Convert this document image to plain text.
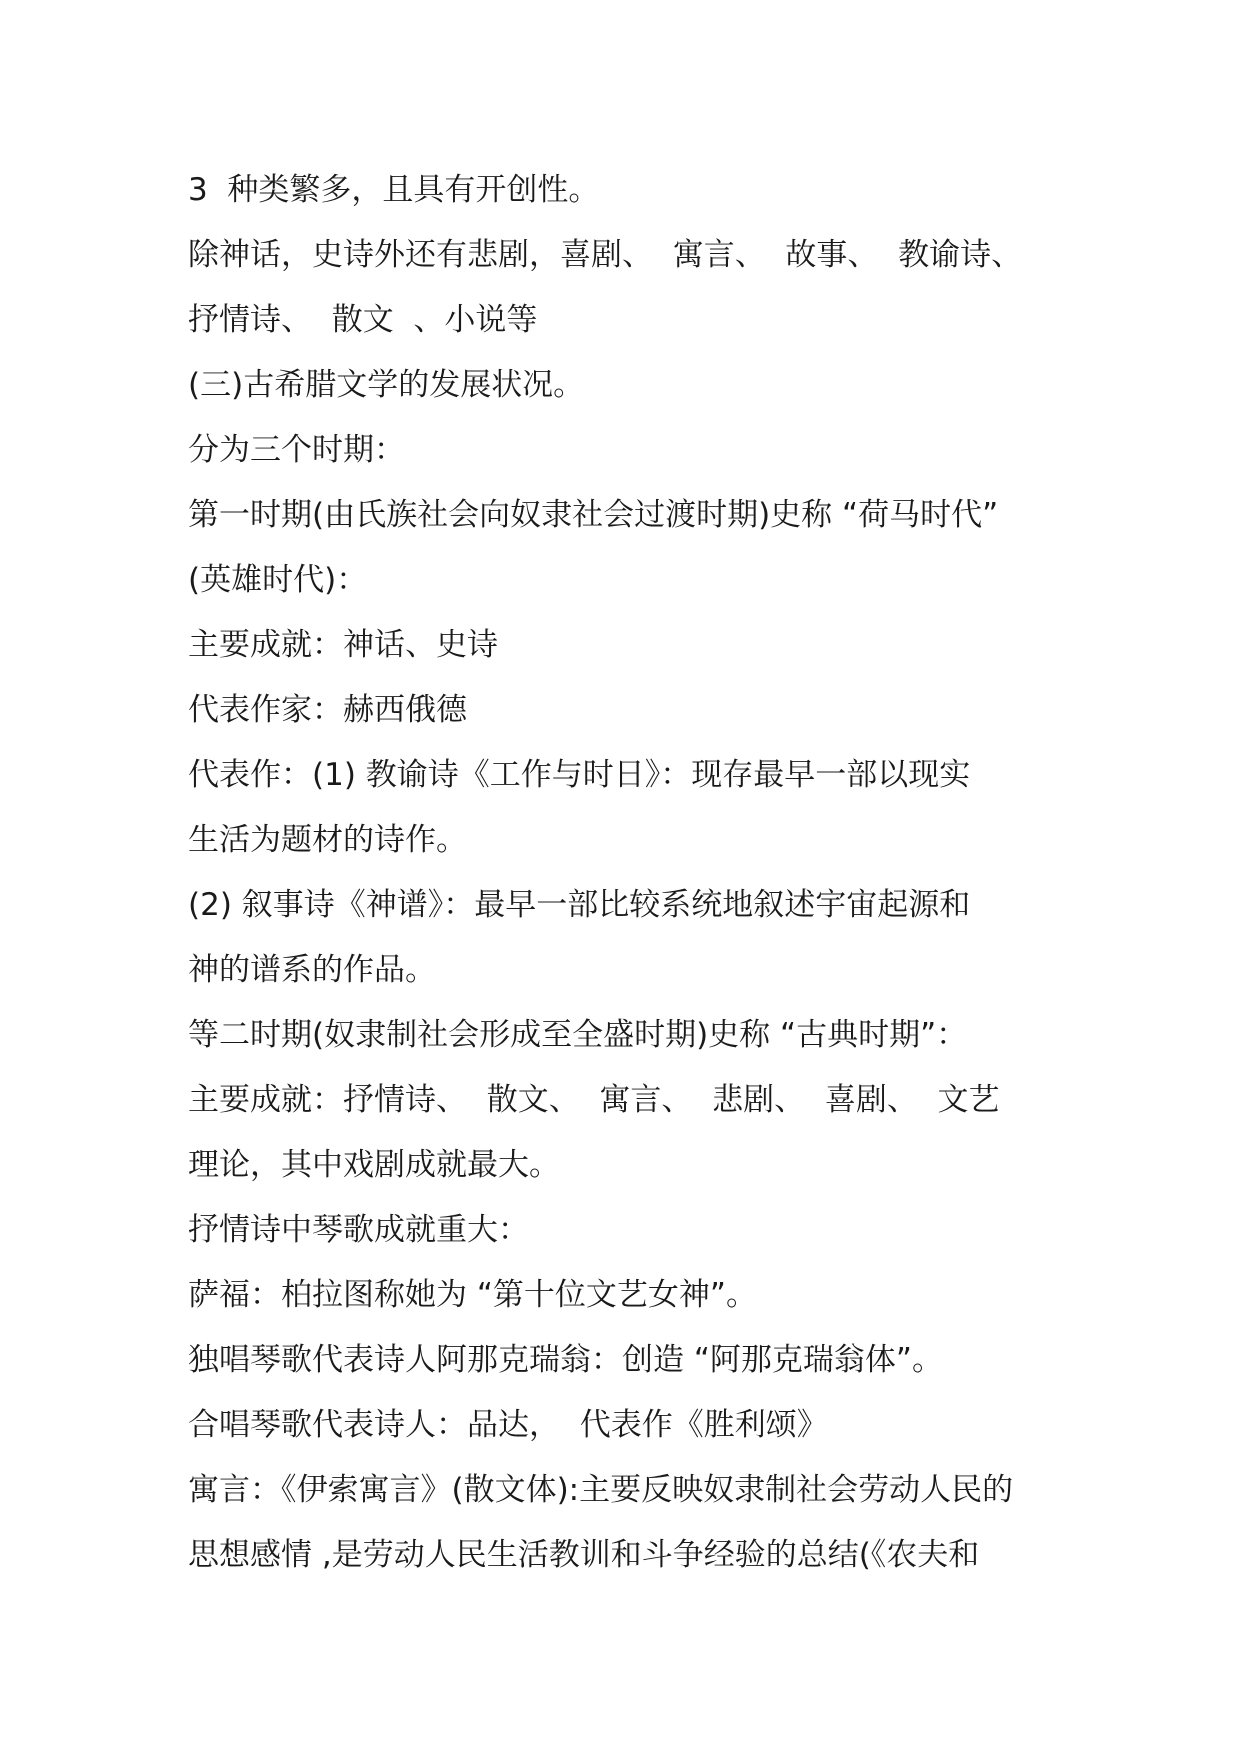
3  种类繁多，且具有开创性。
除神话，史诗外还有悲剧，喜剧、  寓言、  故事、  教谕诗、
抒情诗、  散文  、小说等
(三)古希腊文学的发展状况。
分为三个时期：
第一时期(由氏族社会向奴隶社会过渡时期)史称 “荷马时代”
(英雄时代)：
主要成就：神话、史诗
代表作家：赫西俄德
代表作：(1) 教谕诗《工作与时日》：现存最早一部以现实
生活为题材的诗作。
(2) 叙事诗《神谱》：最早一部比较系统地叙述宇宙起源和
神的谱系的作品。
等二时期(奴隶制社会形成至全盛时期)史称 “古典时期”：
主要成就：抒情诗、  散文、  寓言、  悲剧、  喜剧、  文艺
理论，其中戏剧成就最大。
抒情诗中琴歌成就重大：
萨福：柏拉图称她为 “第十位文艺女神”。
独唱琴歌代表诗人阿那克瑞翁：创造 “阿那克瑞翁体”。
合唱琴歌代表诗人：品达，  代表作《胜利颂》
寓言：《伊索寓言》(散文体):主要反映奴隶制社会劳动人民的
思想感情 ,是劳动人民生活教训和斗争经验的总结(《农夫和
